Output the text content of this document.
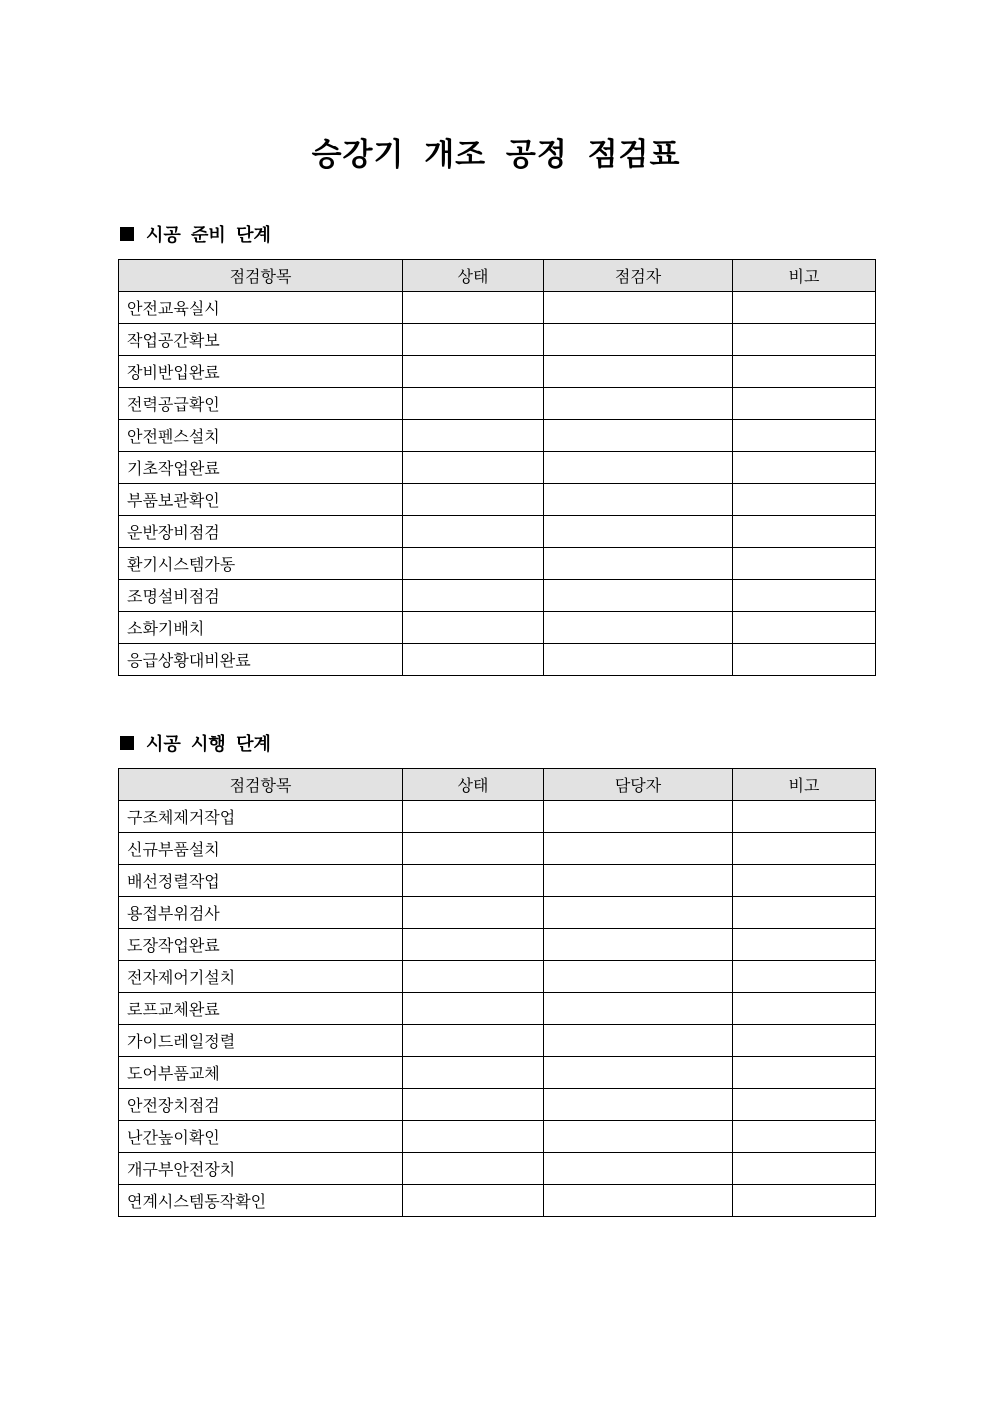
승강기 개조 공정 점검표
시공 준비 단계
점검항목	상태	점검자	비고
안전교육실시			
작업공간확보			
장비반입완료			
전력공급확인			
안전펜스설치			
기초작업완료			
부품보관확인			
운반장비점검			
환기시스템가동			
조명설비점검			
소화기배치			
응급상황대비완료			
시공 시행 단계
점검항목	상태	담당자	비고
구조체제거작업			
신규부품설치			
배선정렬작업			
용접부위검사			
도장작업완료			
전자제어기설치			
로프교체완료			
가이드레일정렬			
도어부품교체			
안전장치점검			
난간높이확인			
개구부안전장치			
연계시스템동작확인			
